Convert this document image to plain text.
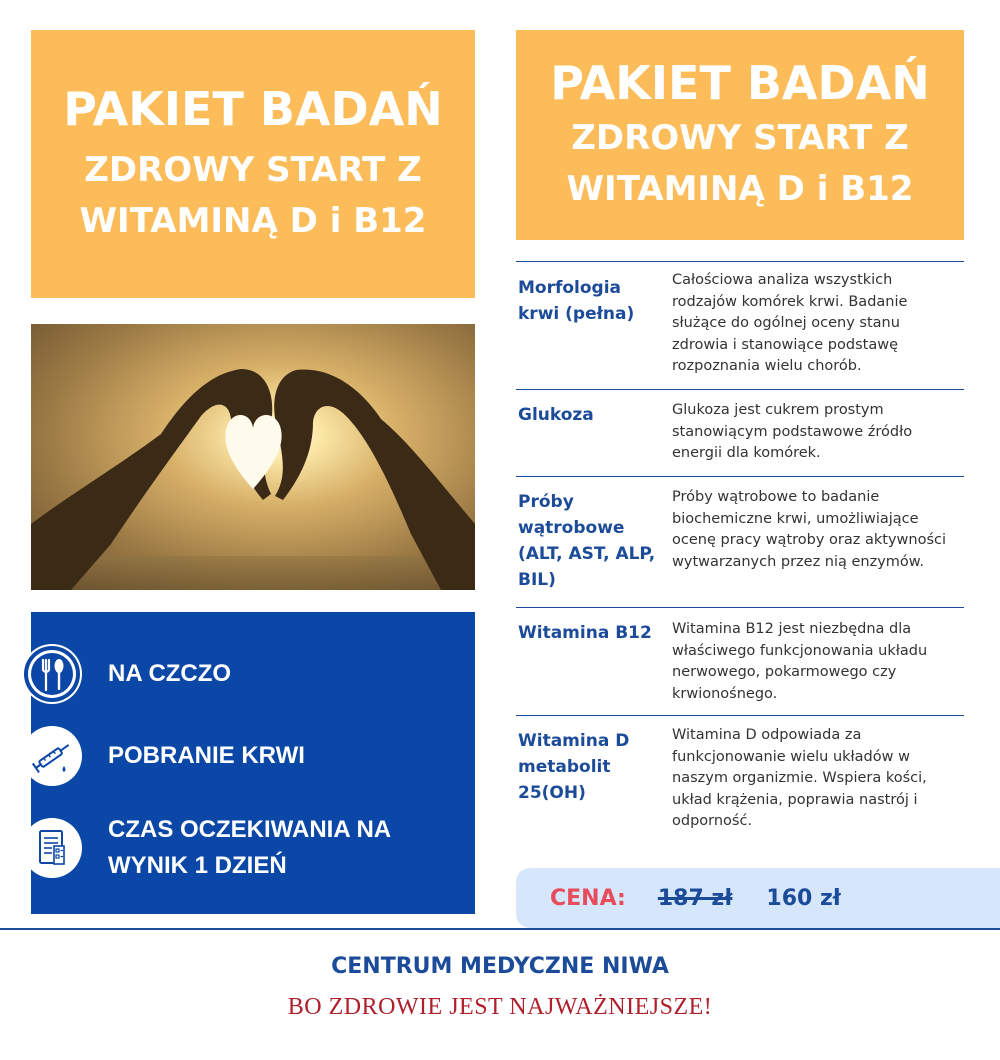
PAKIET BADAŃ
ZDROWY START Z
WITAMINĄ D i B12
PAKIET BADAŃ
ZDROWY START Z
WITAMINĄ D i B12
NA CZCZO
POBRANIE KRWI
CZAS OCZEKIWANIA NA
WYNIK 1 DZIEŃ
Morfologia
krwi (pełna)
Całościowa analiza wszystkich
rodzajów komórek krwi. Badanie
służące do ogólnej oceny stanu
zdrowia i stanowiące podstawę
rozpoznania wielu chorób.
Glukoza	Glukoza jest cukrem prostym
stanowiącym podstawowe źródło
energii dla komórek.
Próby
wątrobowe
(ALT, AST, ALP,
BIL)
Próby wątrobowe to badanie
biochemiczne krwi, umożliwiające
ocenę pracy wątroby oraz aktywności
wytwarzanych przez nią enzymów.
Witamina B12	Witamina B12 jest niezbędna dla
właściwego funkcjonowania układu
nerwowego, pokarmowego czy
krwionośnego.
Witamina D
metabolit
25(OH)
Witamina D odpowiada za
funkcjonowanie wielu układów w
naszym organizmie. Wspiera kości,
układ krążenia, poprawia nastrój i
odporność.
CENA: 187 zł 160 zł
CENTRUM MEDYCZNE NIWA
BO ZDROWIE JEST NAJWAŻNIEJSZE!
